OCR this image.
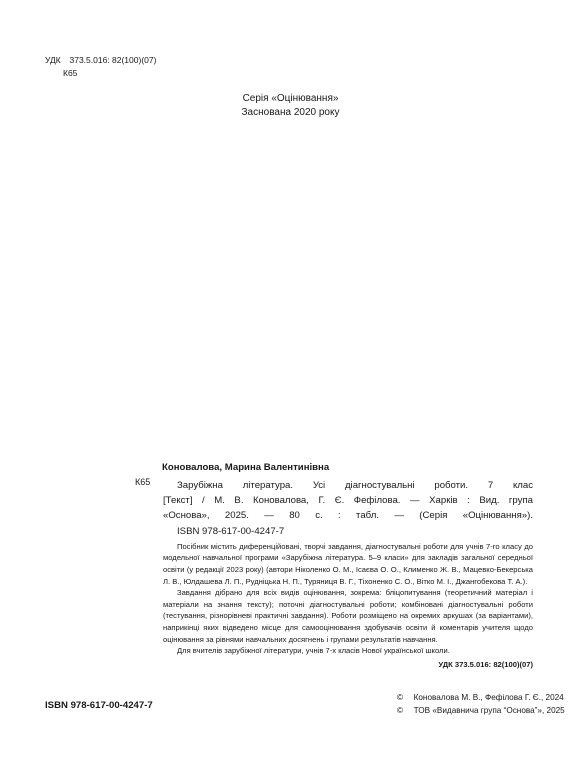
УДК 373.5.016: 82(100)(07)
К65
Серія «Оцінювання»
Заснована 2020 року
Коновалова, Марина Валентинівна
Зарубіжна література. Усі діагностувальні роботи. 7 клас
[Текст] / М. В. Коновалова, Г. Є. Фефілова. — Харків : Вид. група
«Основа», 2025. — 80 с. : табл. — (Серія «Оцінювання»).
ISBN 978-617-00-4247-7
Посібник містить диференційовані, творчі завдання, діагностувальні роботи для учнів 7-го класу до модельної навчальної програми «Зарубіжна література. 5–9 класи» для закладів загальної середньої освіти (у редакції 2023 року) (автори Ніколенко О. М., Ісаєва О. О., Клименко Ж. В., Мацевко-Бекерська Л. В., Юлдашева Л. П., Рудніцька Н. П., Туряниця В. Г., Тіхоненко С. О., Вітко М. І., Джангобекова Т. А.).
Завдання дібрано для всіх видів оцінювання, зокрема: бліцопитування (теоретичний матеріал і матеріали на знання тексту); поточні діагностувальні роботи; комбіновані діагностувальні роботи (тестування, різнорівневі практичні завдання). Роботи розміщено на окремих аркушах (за варіантами), наприкінці яких відведено місце для самооцінювання здобувачів освіти й коментарів учителя щодо оцінювання за рівнями навчальних досягнень і групами результатів навчання.
Для вчителів зарубіжної літератури, учнів 7-х класів Нової української школи.
УДК 373.5.016: 82(100)(07)
К65
ISBN 978-617-00-4247-7
© Коновалова М. В., Фефілова Г. Є., 2024
© ТОВ «Видавнича група “Основа”», 2025
